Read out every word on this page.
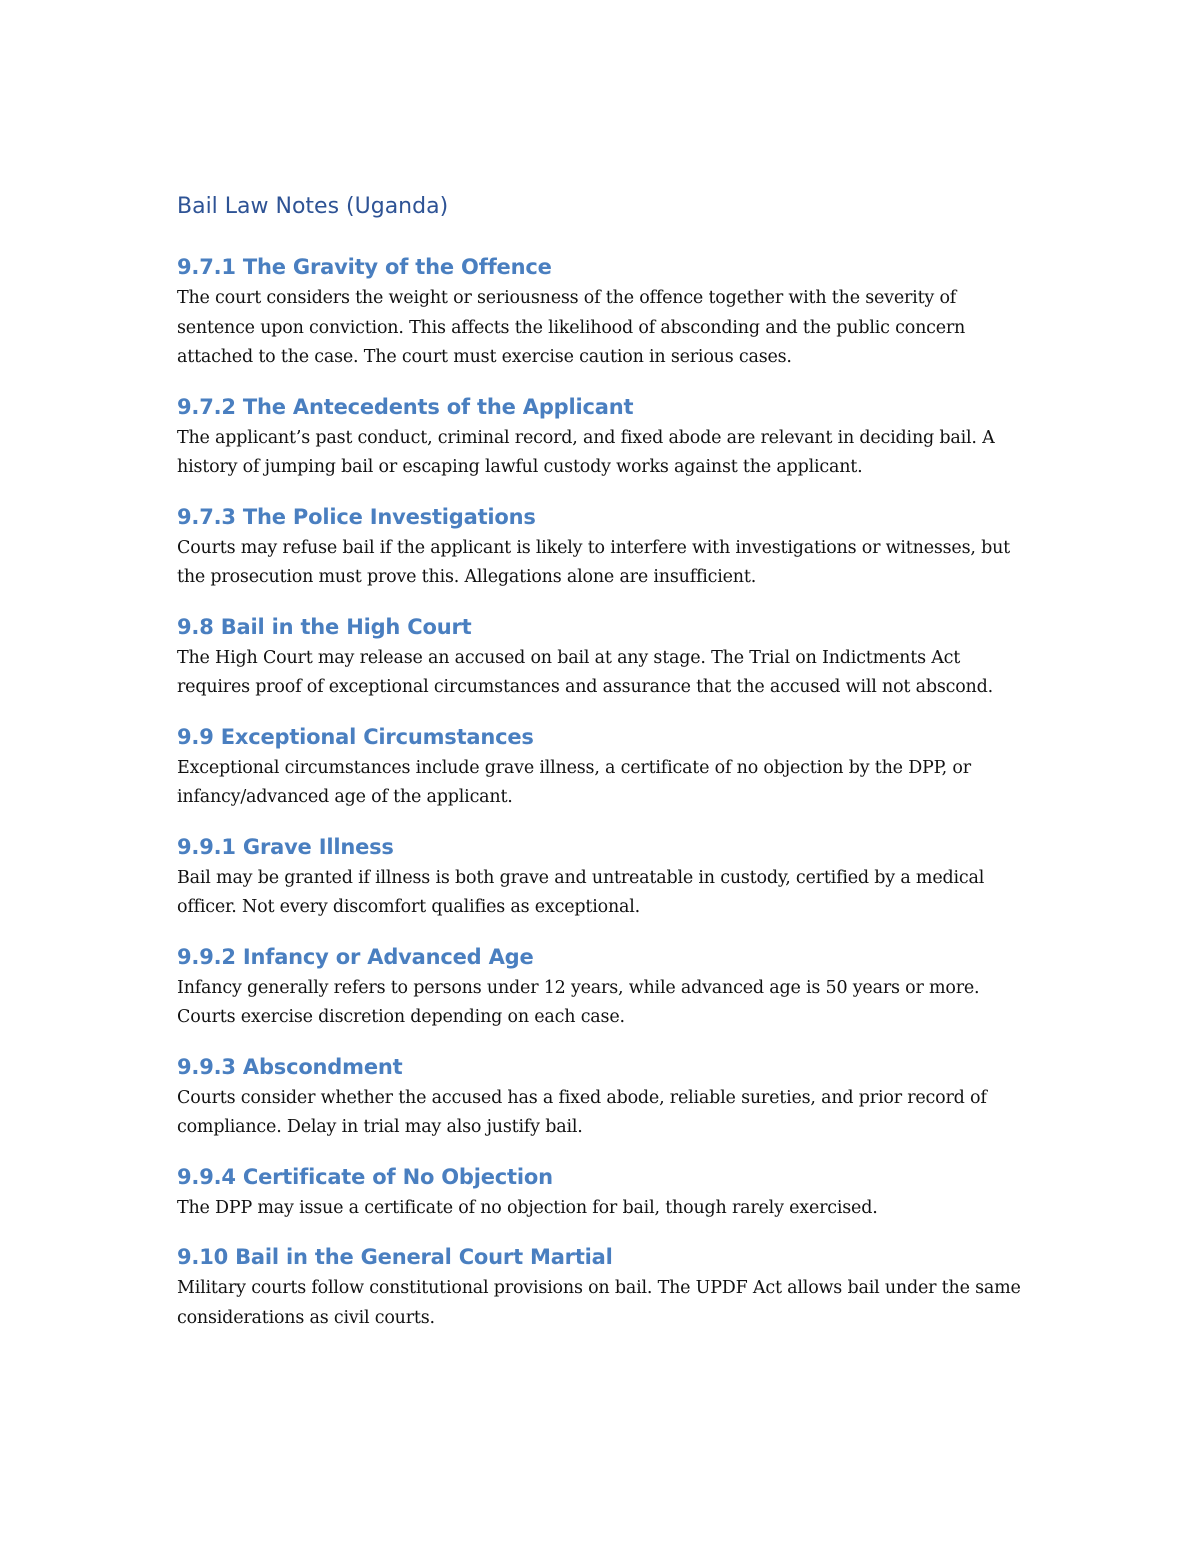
Bail Law Notes (Uganda)
9.7.1 The Gravity of the Offence

The court considers the weight or seriousness of the offence together with the severity of sentence upon conviction. This affects the likelihood of absconding and the public concern attached to the case. The court must exercise caution in serious cases.

9.7.2 The Antecedents of the Applicant

The applicant’s past conduct, criminal record, and fixed abode are relevant in deciding bail. A history of jumping bail or escaping lawful custody works against the applicant.

9.7.3 The Police Investigations

Courts may refuse bail if the applicant is likely to interfere with investigations or witnesses, but the prosecution must prove this. Allegations alone are insufficient.

9.8 Bail in the High Court

The High Court may release an accused on bail at any stage. The Trial on Indictments Act requires proof of exceptional circumstances and assurance that the accused will not abscond.

9.9 Exceptional Circumstances

Exceptional circumstances include grave illness, a certificate of no objection by the DPP, or infancy/advanced age of the applicant.

9.9.1 Grave Illness

Bail may be granted if illness is both grave and untreatable in custody, certified by a medical officer. Not every discomfort qualifies as exceptional.

9.9.2 Infancy or Advanced Age

Infancy generally refers to persons under 12 years, while advanced age is 50 years or more. Courts exercise discretion depending on each case.

9.9.3 Abscondment

Courts consider whether the accused has a fixed abode, reliable sureties, and prior record of compliance. Delay in trial may also justify bail.

9.9.4 Certificate of No Objection

The DPP may issue a certificate of no objection for bail, though rarely exercised.

9.10 Bail in the General Court Martial

Military courts follow constitutional provisions on bail. The UPDF Act allows bail under the same considerations as civil courts.
